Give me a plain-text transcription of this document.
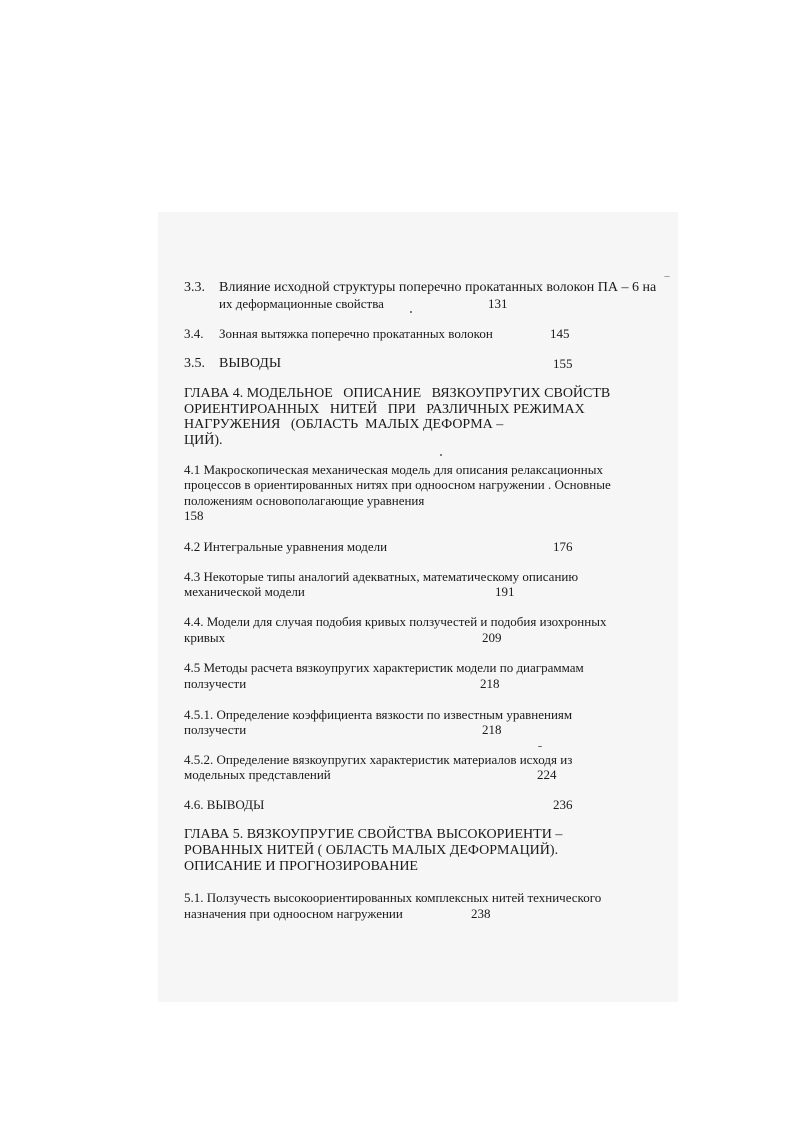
3.3. Влияние исходной структуры поперечно прокатанных волокон ПА – 6 на
их деформационные свойства	131
3.4. Зонная вытяжка поперечно прокатанных волокон	145
3.5. ВЫВОДЫ	155
ГЛАВА 4. МОДЕЛЬНОЕ   ОПИСАНИЕ   ВЯЗКОУПРУГИХ СВОЙСТВ
ОРИЕНТИРОАННЫХ   НИТЕЙ   ПРИ   РАЗЛИЧНЫХ РЕЖИМАХ
НАГРУЖЕНИЯ   (ОБЛАСТЬ  МАЛЫХ ДЕФОРМА –
ЦИЙ).
4.1 Макроскопическая механическая модель для описания релаксационных
процессов в ориентированных нитях при одноосном нагружении . Основные
положениям основополагающие уравнения
158
4.2 Интегральные уравнения модели	176
4.3 Некоторые типы аналогий адекватных, математическому описанию
механической модели	191
4.4. Модели для случая подобия кривых ползучестей и подобия изохронных
кривых	209
4.5 Методы расчета вязкоупругих характеристик модели по диаграммам
ползучести	218
4.5.1. Определение коэффициента вязкости по известным уравнениям
ползучести	218
4.5.2. Определение вязкоупругих характеристик материалов исходя из
модельных представлений	224
4.6. ВЫВОДЫ	236
ГЛАВА 5. ВЯЗКОУПРУГИЕ СВОЙСТВА ВЫСОКОРИЕНТИ –
РОВАННЫХ НИТЕЙ ( ОБЛАСТЬ МАЛЫХ ДЕФОРМАЦИЙ).
ОПИСАНИЕ И ПРОГНОЗИРОВАНИЕ
5.1. Ползучесть высокоориентированных комплексных нитей технического
назначения при одноосном нагружении	238
